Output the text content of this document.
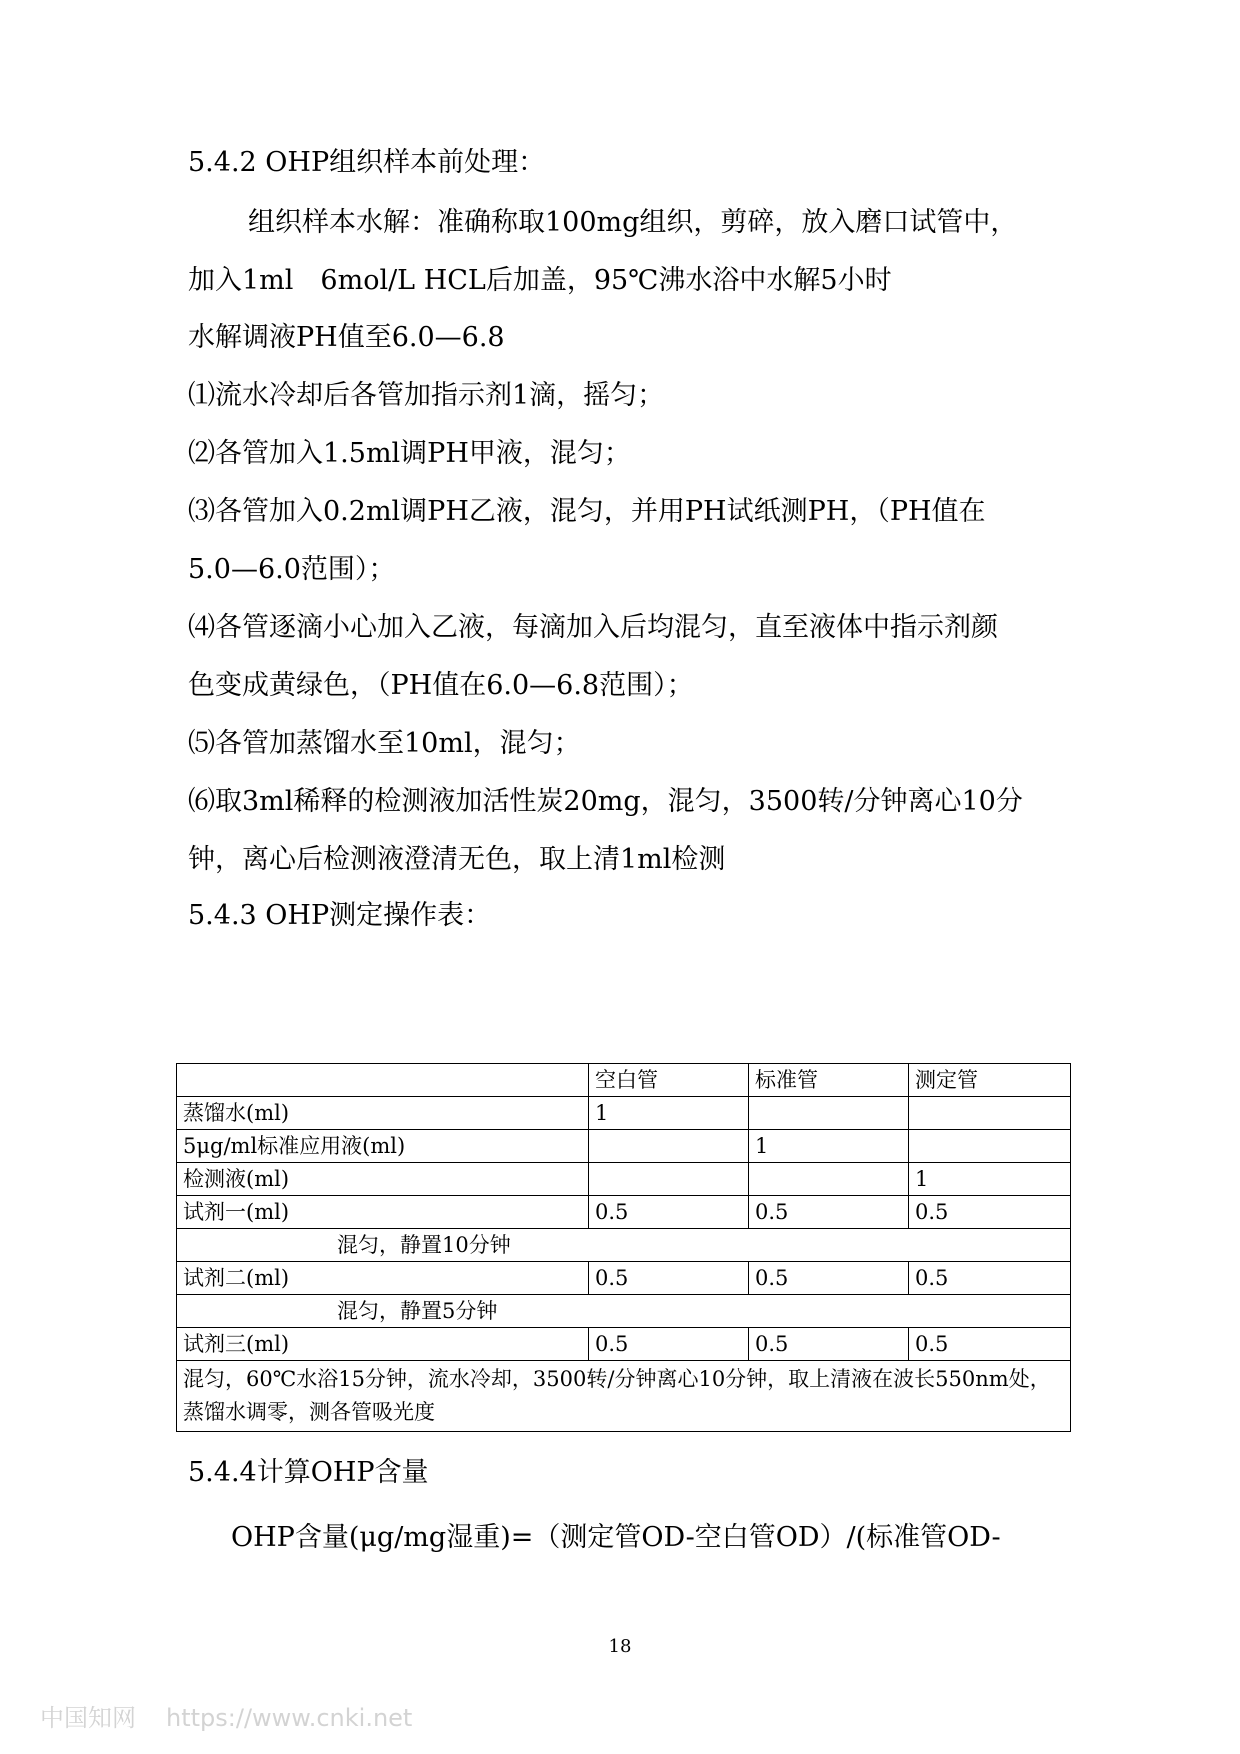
5.4.2 OHP组织样本前处理：
组织样本水解：准确称取100mg组织，剪碎，放入磨口试管中，
加入1ml　6mol/L HCL后加盖，95℃沸水浴中水解5小时
水解调液PH值至6.0—6.8
⑴流水冷却后各管加指示剂1滴，摇匀；
⑵各管加入1.5ml调PH甲液，混匀；
⑶各管加入0.2ml调PH乙液，混匀，并用PH试纸测PH，（PH值在
5.0—6.0范围）；
⑷各管逐滴小心加入乙液，每滴加入后均混匀，直至液体中指示剂颜
色变成黄绿色，（PH值在6.0—6.8范围）；
⑸各管加蒸馏水至10ml，混匀；
⑹取3ml稀释的检测液加活性炭20mg，混匀，3500转/分钟离心10分
钟，离心后检测液澄清无色，取上清1ml检测
5.4.3 OHP测定操作表：
	空白管	标准管	测定管
蒸馏水(ml)	1		
5μg/ml标准应用液(ml)		1	
检测液(ml)			1
试剂一(ml)	0.5	0.5	0.5
混匀，静置10分钟			
试剂二(ml)	0.5	0.5	0.5
混匀，静置5分钟			
试剂三(ml)	0.5	0.5	0.5
混匀，60℃水浴15分钟，流水冷却，3500转/分钟离心10分钟，取上清液在波长550nm处，蒸馏水调零，测各管吸光度			
5.4.4计算OHP含量
OHP含量(μg/mg湿重)=（测定管OD-空白管OD）/(标准管OD-
18
中国知网 https://www.cnki.net
